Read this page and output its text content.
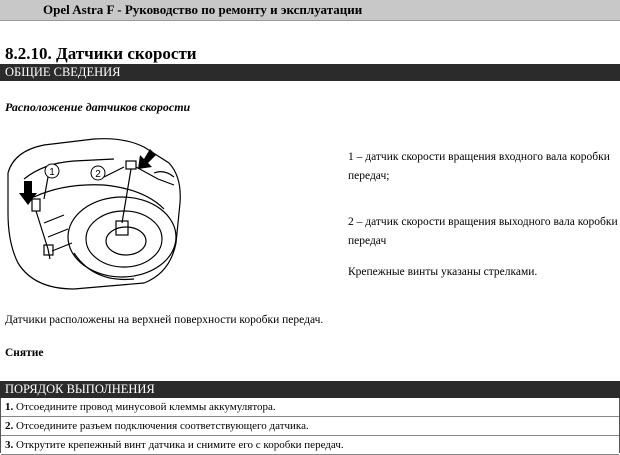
Opel Astra F - Руководство по ремонту и эксплуатации
8.2.10. Датчики скорости
ОБЩИЕ СВЕДЕНИЯ
Расположение датчиков скорости
1	2
1 – датчик скорости вращения входного вала коробки передач;
2 – датчик скорости вращения выходного вала коробки передач
Крепежные винты указаны стрелками.
Датчики расположены на верхней поверхности коробки передач.
Снятие
ПОРЯДОК ВЫПОЛНЕНИЯ
1. Отсоедините провод минусовой клеммы аккумулятора.
2. Отсоедините разъем подключения соответствующего датчика.
3. Открутите крепежный винт датчика и снимите его с коробки передач.
